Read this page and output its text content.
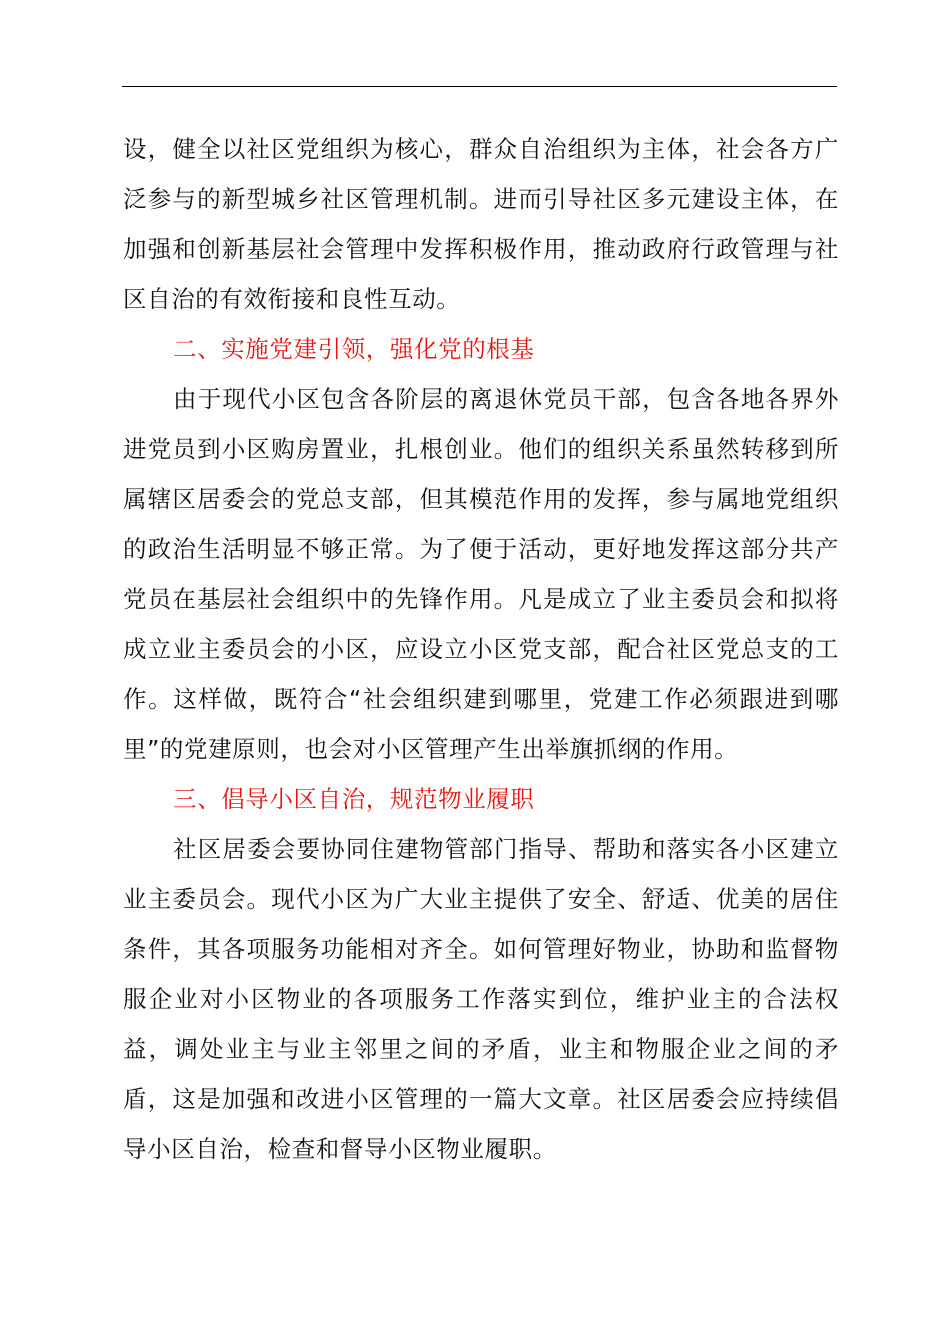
设，健全以社区党组织为核心，群众自治组织为主体，社会各方广泛参与的新型城乡社区管理机制。进而引导社区多元建设主体，在加强和创新基层社会管理中发挥积极作用，推动政府行政管理与社区自治的有效衔接和良性互动。

二、实施党建引领，强化党的根基

由于现代小区包含各阶层的离退休党员干部，包含各地各界外进党员到小区购房置业，扎根创业。他们的组织关系虽然转移到所属辖区居委会的党总支部，但其模范作用的发挥，参与属地党组织的政治生活明显不够正常。为了便于活动，更好地发挥这部分共产党员在基层社会组织中的先锋作用。凡是成立了业主委员会和拟将成立业主委员会的小区，应设立小区党支部，配合社区党总支的工作。这样做，既符合“社会组织建到哪里，党建工作必须跟进到哪里”的党建原则，也会对小区管理产生出举旗抓纲的作用。

三、倡导小区自治，规范物业履职

社区居委会要协同住建物管部门指导、帮助和落实各小区建立业主委员会。现代小区为广大业主提供了安全、舒适、优美的居住条件，其各项服务功能相对齐全。如何管理好物业，协助和监督物服企业对小区物业的各项服务工作落实到位，维护业主的合法权益，调处业主与业主邻里之间的矛盾，业主和物服企业之间的矛盾，这是加强和改进小区管理的一篇大文章。社区居委会应持续倡导小区自治，检查和督导小区物业履职。
